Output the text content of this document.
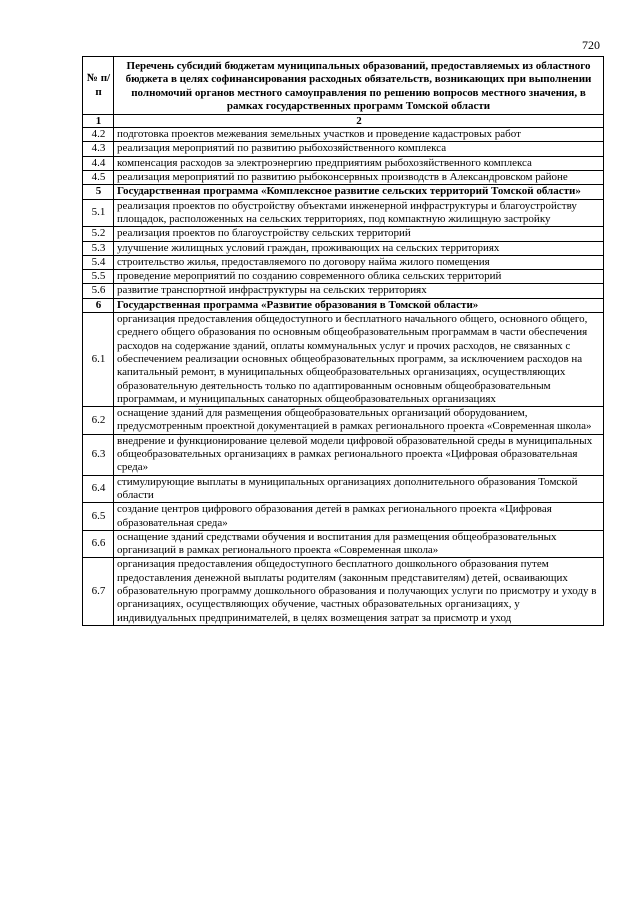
720
№ п/п	Перечень субсидий бюджетам муниципальных образований, предоставляемых из областного бюджета в целях софинансирования расходных обязательств, возникающих при выполнении полномочий органов местного самоуправления по решению вопросов местного значения, в рамках государственных программ Томской области
1	2
4.2	подготовка проектов межевания земельных участков и проведение кадастровых работ
4.3	реализация мероприятий по развитию рыбохозяйственного комплекса
4.4	компенсация расходов за электроэнергию предприятиям рыбохозяйственного комплекса
4.5	реализация мероприятий по развитию рыбоконсервных производств в Александровском районе
5	Государственная программа «Комплексное развитие сельских территорий Томской области»
5.1	реализация проектов по обустройству объектами инженерной инфраструктуры и благоустройству площадок, расположенных на сельских территориях, под компактную жилищную застройку
5.2	реализация проектов по благоустройству сельских территорий
5.3	улучшение жилищных условий граждан, проживающих на сельских территориях
5.4	строительство жилья, предоставляемого по договору найма жилого помещения
5.5	проведение мероприятий по созданию современного облика сельских территорий
5.6	развитие транспортной инфраструктуры на сельских территориях
6	Государственная программа «Развитие образования в Томской области»
6.1	организация предоставления общедоступного и бесплатного начального общего, основного общего, среднего общего образования по основным общеобразовательным программам в части обеспечения расходов на содержание зданий, оплаты коммунальных услуг и прочих расходов, не связанных с обеспечением реализации основных общеобразовательных программ, за исключением расходов на капитальный ремонт, в муниципальных общеобразовательных организациях, осуществляющих образовательную деятельность только по адаптированным основным общеобразовательным программам, и муниципальных санаторных общеобразовательных организациях
6.2	оснащение зданий для размещения общеобразовательных организаций оборудованием, предусмотренным проектной документацией в рамках регионального проекта «Современная школа»
6.3	внедрение и функционирование целевой модели цифровой образовательной среды в муниципальных общеобразовательных организациях в рамках регионального проекта «Цифровая образовательная среда»
6.4	стимулирующие выплаты в муниципальных организациях дополнительного образования Томской области
6.5	создание центров цифрового образования детей в рамках регионального проекта «Цифровая образовательная среда»
6.6	оснащение зданий средствами обучения и воспитания для размещения общеобразовательных организаций в рамках регионального проекта «Современная школа»
6.7	организация предоставления общедоступного бесплатного дошкольного образования путем предоставления денежной выплаты родителям (законным представителям) детей, осваивающих образовательную программу дошкольного образования и получающих услуги по присмотру и уходу в организациях, осуществляющих обучение, частных образовательных организациях, у индивидуальных предпринимателей, в целях возмещения затрат за присмотр и уход
